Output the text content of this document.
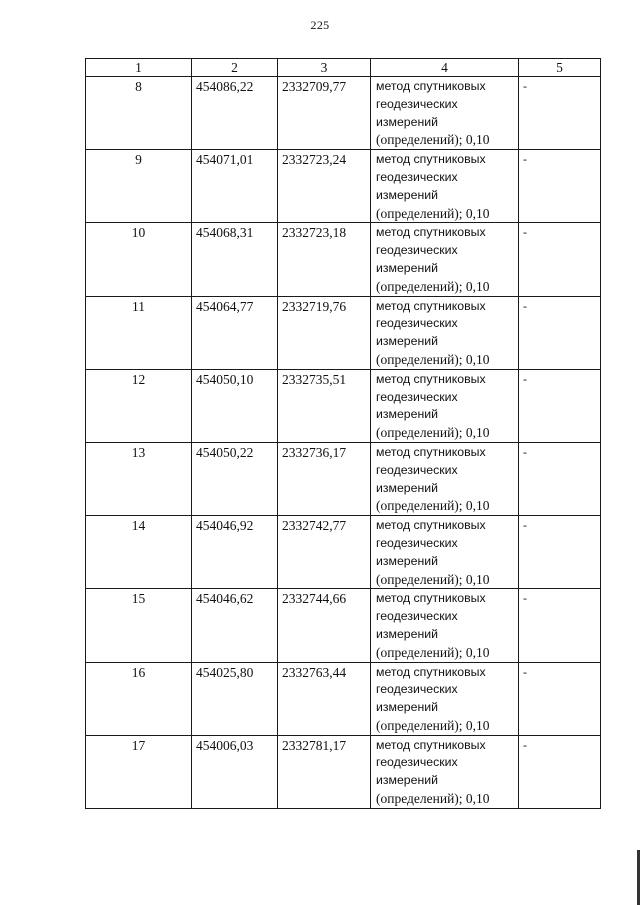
225
1	2	3	4	5
8	454086,22	2332709,77	метод спутниковых
геодезических
измерений
(определений); 0,10	-
9	454071,01	2332723,24	метод спутниковых
геодезических
измерений
(определений); 0,10	-
10	454068,31	2332723,18	метод спутниковых
геодезических
измерений
(определений); 0,10	-
11	454064,77	2332719,76	метод спутниковых
геодезических
измерений
(определений); 0,10	-
12	454050,10	2332735,51	метод спутниковых
геодезических
измерений
(определений); 0,10	-
13	454050,22	2332736,17	метод спутниковых
геодезических
измерений
(определений); 0,10	-
14	454046,92	2332742,77	метод спутниковых
геодезических
измерений
(определений); 0,10	-
15	454046,62	2332744,66	метод спутниковых
геодезических
измерений
(определений); 0,10	-
16	454025,80	2332763,44	метод спутниковых
геодезических
измерений
(определений); 0,10	-
17	454006,03	2332781,17	метод спутниковых
геодезических
измерений
(определений); 0,10	-
